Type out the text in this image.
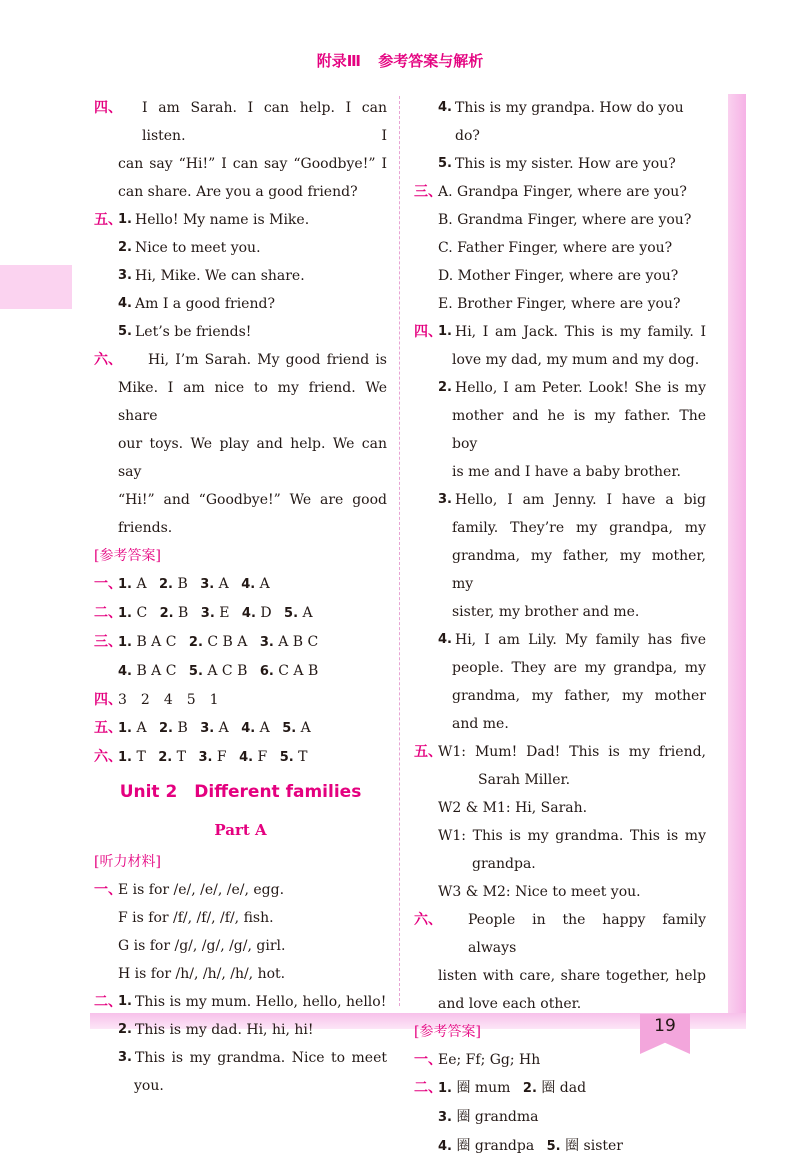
附录Ⅲ 参考答案与解析
19
四、	I am Sarah. I can help. I can listen. I
can say “Hi!” I can say “Goodbye!” I
can share. Are you a good friend?
五、
1. Hello! My name is Mike.
2. Nice to meet you.
3. Hi, Mike. We can share.
4. Am I a good friend?
5. Let’s be friends!
六、	Hi, I’m Sarah. My good friend is
Mike. I am nice to my friend. We share
our toys. We play and help. We can say
“Hi!” and “Goodbye!” We are good
friends.
[参考答案]
一、
1. A 2. B 3. A 4. A
二、
1. C 2. B 3. E 4. D 5. A
三、
1. B A C 2. C B A 3. A B C
4. B A C 5. A C B 6. C A B
四、
3　2　4　5　1
五、
1. A 2. B 3. A 4. A 5. A
六、
1. T 2. T 3. F 4. F 5. T
Unit 2　Different families
Part A
[听力材料]
一、
E is for /e/, /e/, /e/, egg.
F is for /f/, /f/, /f/, fish.
G is for /g/, /g/, /g/, girl.
H is for /h/, /h/, /h/, hot.
二、
1. This is my mum. Hello, hello, hello!
2. This is my dad. Hi, hi, hi!
3. This is my grandma. Nice to meet
you.
4. This is my grandpa. How do you do?
5. This is my sister. How are you?
三、
A. Grandpa Finger, where are you?
B. Grandma Finger, where are you?
C. Father Finger, where are you?
D. Mother Finger, where are you?
E. Brother Finger, where are you?
四、
1. Hi, I am Jack. This is my family. I
love my dad, my mum and my dog.
2. Hello, I am Peter. Look! She is my
mother and he is my father. The boy
is me and I have a baby brother.
3. Hello, I am Jenny. I have a big
family. They’re my grandpa, my
grandma, my father, my mother, my
sister, my brother and me.
4. Hi, I am Lily. My family has five
people. They are my grandpa, my
grandma, my father, my mother
and me.
五、
W1: Mum! Dad! This is my friend,
Sarah Miller.
W2 & M1: Hi, Sarah.
W1: This is my grandma. This is my
grandpa.
W3 & M2: Nice to meet you.
六、	People in the happy family always
listen with care, share together, help
and love each other.
[参考答案]
一、
Ee; Ff; Gg; Hh
二、
1. 圈 mum 2. 圈 dad 3. 圈 grandma
4. 圈 grandpa 5. 圈 sister
